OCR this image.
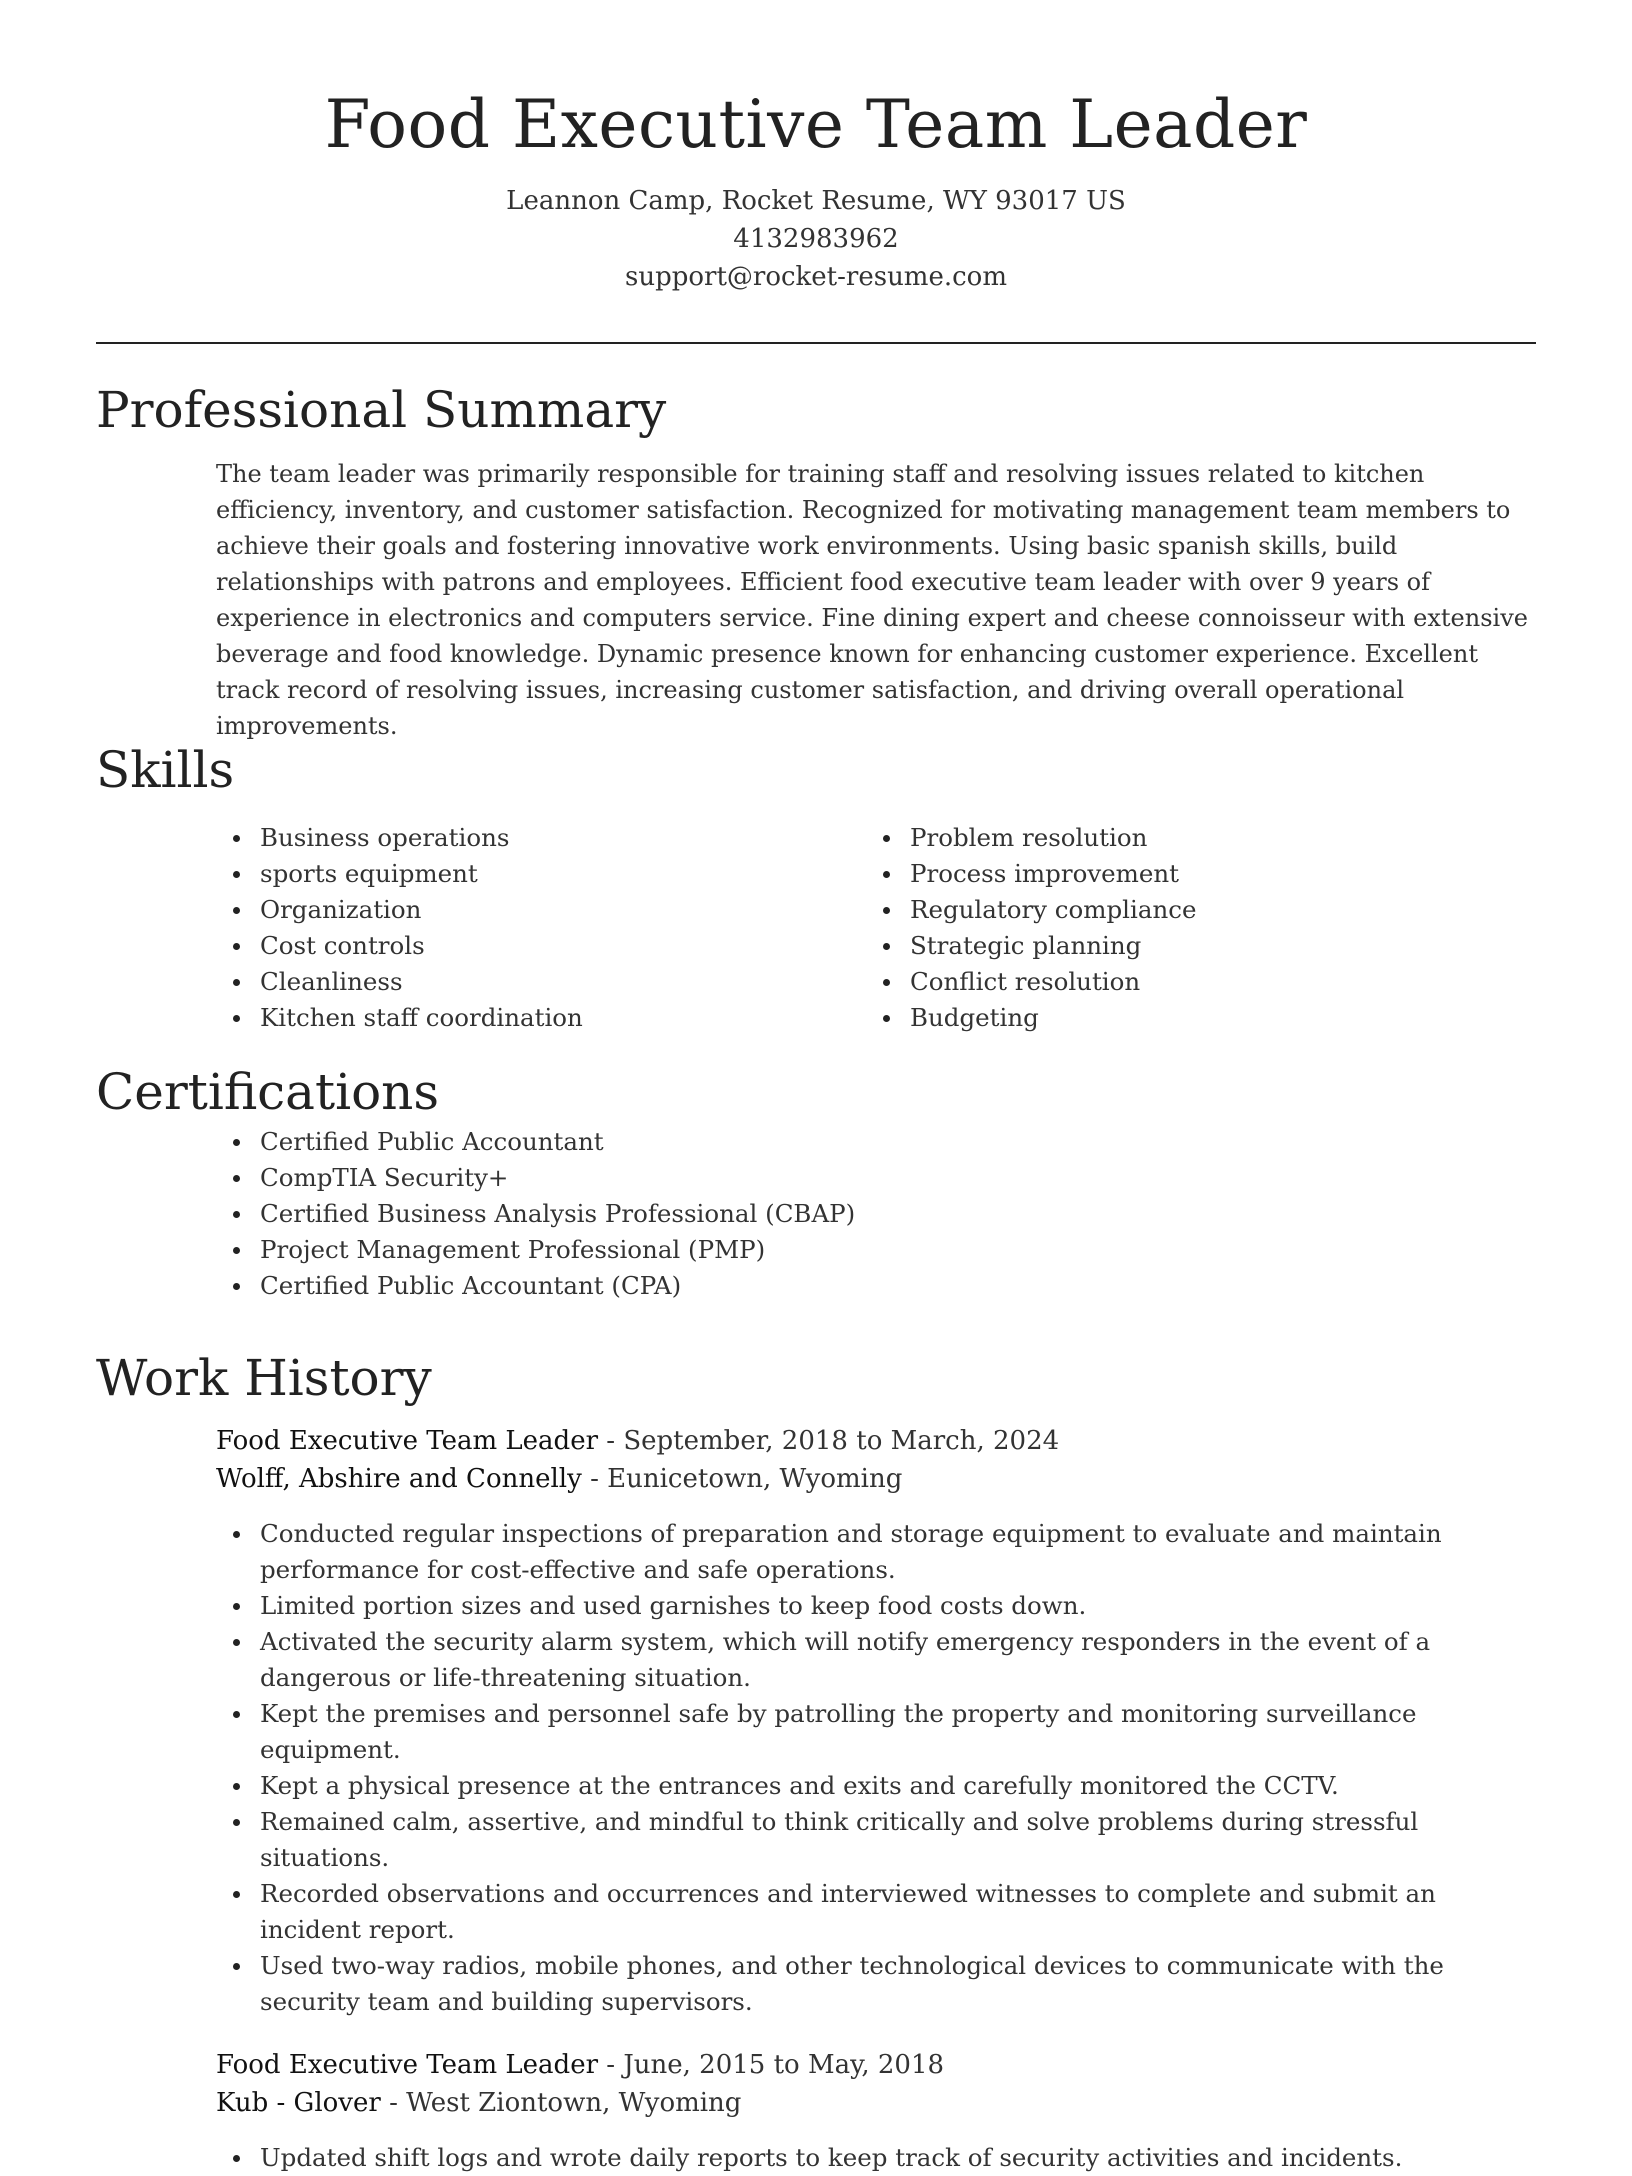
Food Executive Team Leader
Leannon Camp, Rocket Resume, WY 93017 US
4132983962
support@rocket-resume.com
Professional Summary
The team leader was primarily responsible for training staff and resolving issues related to kitchen efficiency, inventory, and customer satisfaction. Recognized for motivating management team members to achieve their goals and fostering innovative work environments. Using basic spanish skills, build relationships with patrons and employees. Efficient food executive team leader with over 9 years of experience in electronics and computers service. Fine dining expert and cheese connoisseur with extensive beverage and food knowledge. Dynamic presence known for enhancing customer experience. Excellent track record of resolving issues, increasing customer satisfaction, and driving overall operational improvements.
Skills
Business operations
sports equipment
Organization
Cost controls
Cleanliness
Kitchen staff coordination
Problem resolution
Process improvement
Regulatory compliance
Strategic planning
Conflict resolution
Budgeting
Certifications
Certified Public Accountant
CompTIA Security+
Certified Business Analysis Professional (CBAP)
Project Management Professional (PMP)
Certified Public Accountant (CPA)
Work History
Food Executive Team Leader - September, 2018 to March, 2024
Wolff, Abshire and Connelly - Eunicetown, Wyoming
Conducted regular inspections of preparation and storage equipment to evaluate and maintain performance for cost-effective and safe operations.
Limited portion sizes and used garnishes to keep food costs down.
Activated the security alarm system, which will notify emergency responders in the event of a dangerous or life-threatening situation.
Kept the premises and personnel safe by patrolling the property and monitoring surveillance equipment.
Kept a physical presence at the entrances and exits and carefully monitored the CCTV.
Remained calm, assertive, and mindful to think critically and solve problems during stressful situations.
Recorded observations and occurrences and interviewed witnesses to complete and submit an incident report.
Used two-way radios, mobile phones, and other technological devices to communicate with the security team and building supervisors.
Food Executive Team Leader - June, 2015 to May, 2018
Kub - Glover - West Ziontown, Wyoming
Updated shift logs and wrote daily reports to keep track of security activities and incidents.
